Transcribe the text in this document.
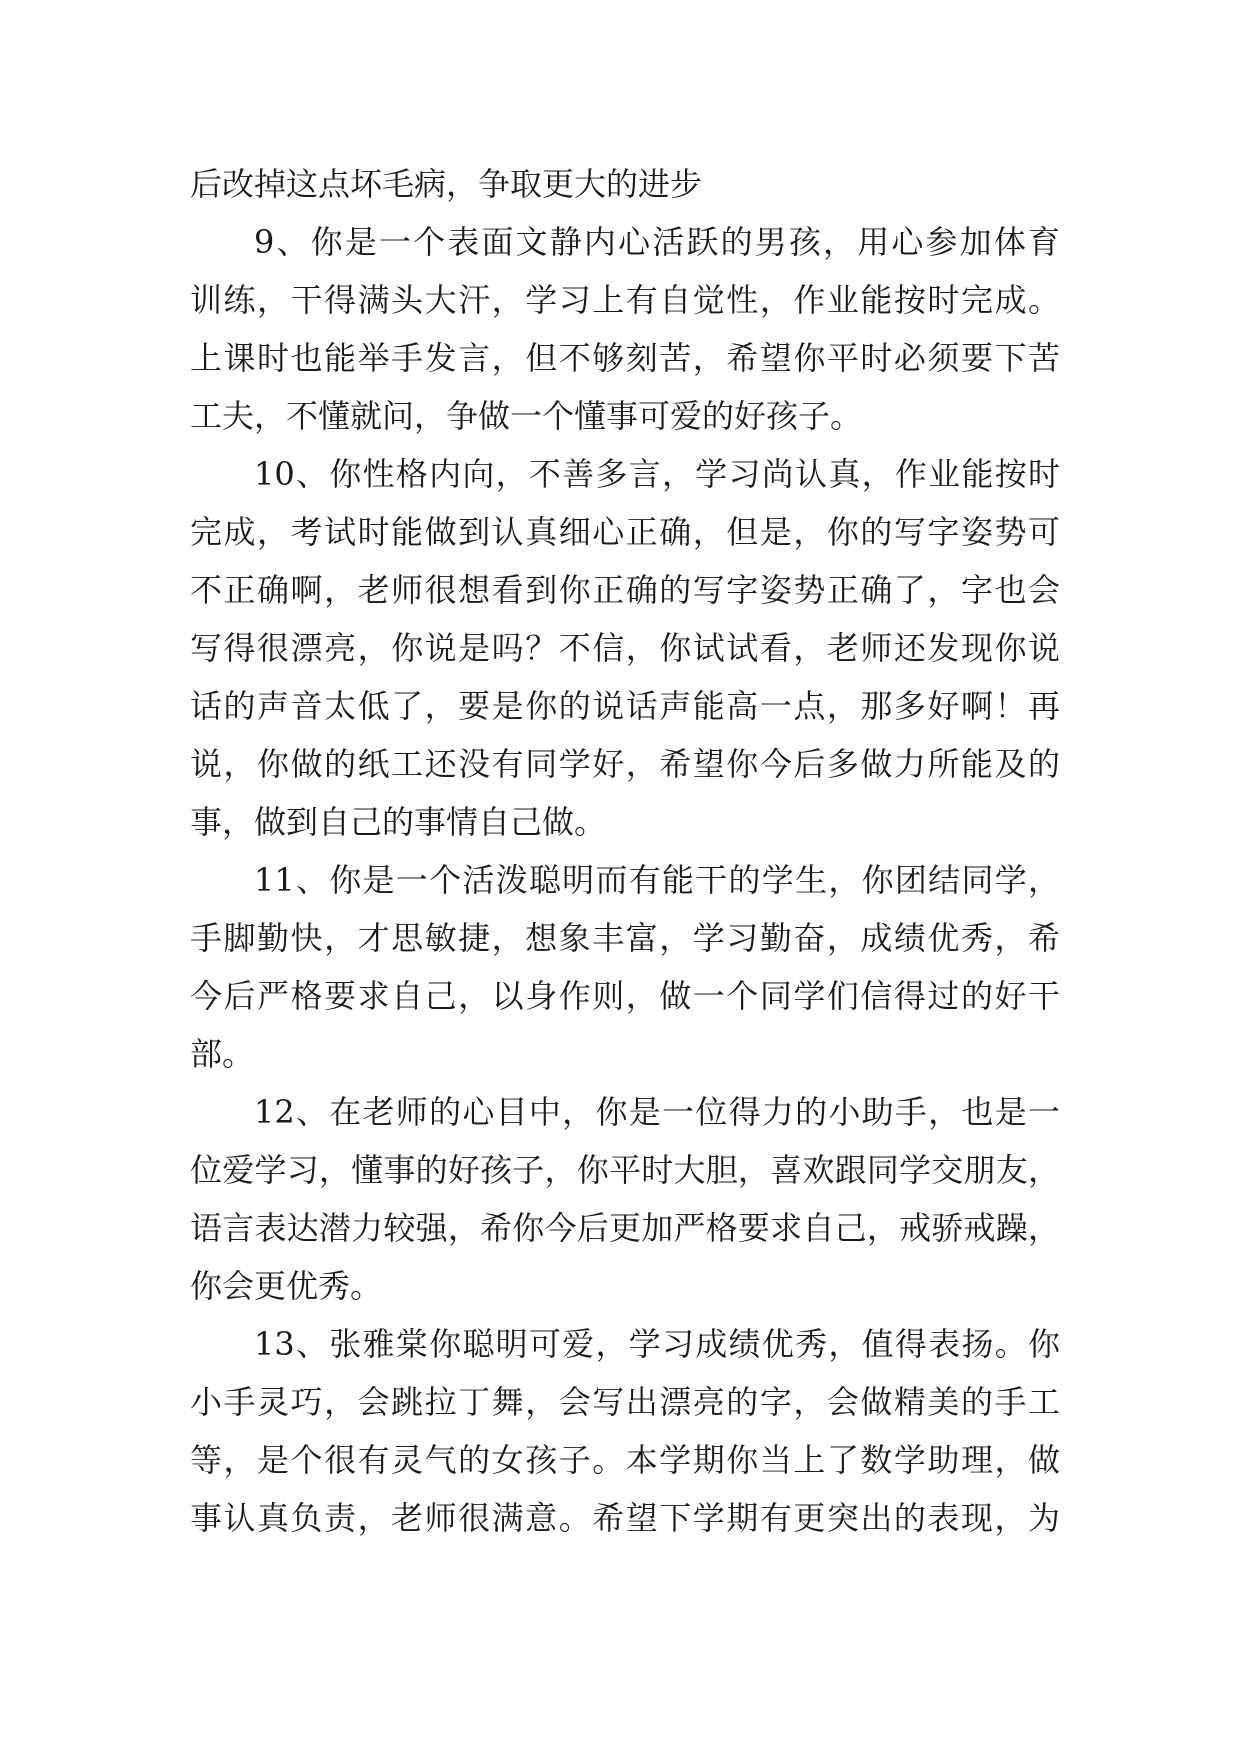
后改掉这点坏毛病，争取更大的进步
9、你是一个表面文静内心活跃的男孩，用心参加体育
训练，干得满头大汗，学习上有自觉性，作业能按时完成。
上课时也能举手发言，但不够刻苦，希望你平时必须要下苦
工夫，不懂就问，争做一个懂事可爱的好孩子。
10、你性格内向，不善多言，学习尚认真，作业能按时
完成，考试时能做到认真细心正确，但是，你的写字姿势可
不正确啊，老师很想看到你正确的写字姿势正确了，字也会
写得很漂亮，你说是吗？不信，你试试看，老师还发现你说
话的声音太低了，要是你的说话声能高一点，那多好啊！再
说，你做的纸工还没有同学好，希望你今后多做力所能及的
事，做到自己的事情自己做。
11、你是一个活泼聪明而有能干的学生，你团结同学，
手脚勤快，才思敏捷，想象丰富，学习勤奋，成绩优秀，希
今后严格要求自己，以身作则，做一个同学们信得过的好干
部。
12、在老师的心目中，你是一位得力的小助手，也是一
位爱学习，懂事的好孩子，你平时大胆，喜欢跟同学交朋友，
语言表达潜力较强，希你今后更加严格要求自己，戒骄戒躁，
你会更优秀。
13、张雅棠你聪明可爱，学习成绩优秀，值得表扬。你
小手灵巧，会跳拉丁舞，会写出漂亮的字，会做精美的手工
等，是个很有灵气的女孩子。本学期你当上了数学助理，做
事认真负责，老师很满意。希望下学期有更突出的表现，为
